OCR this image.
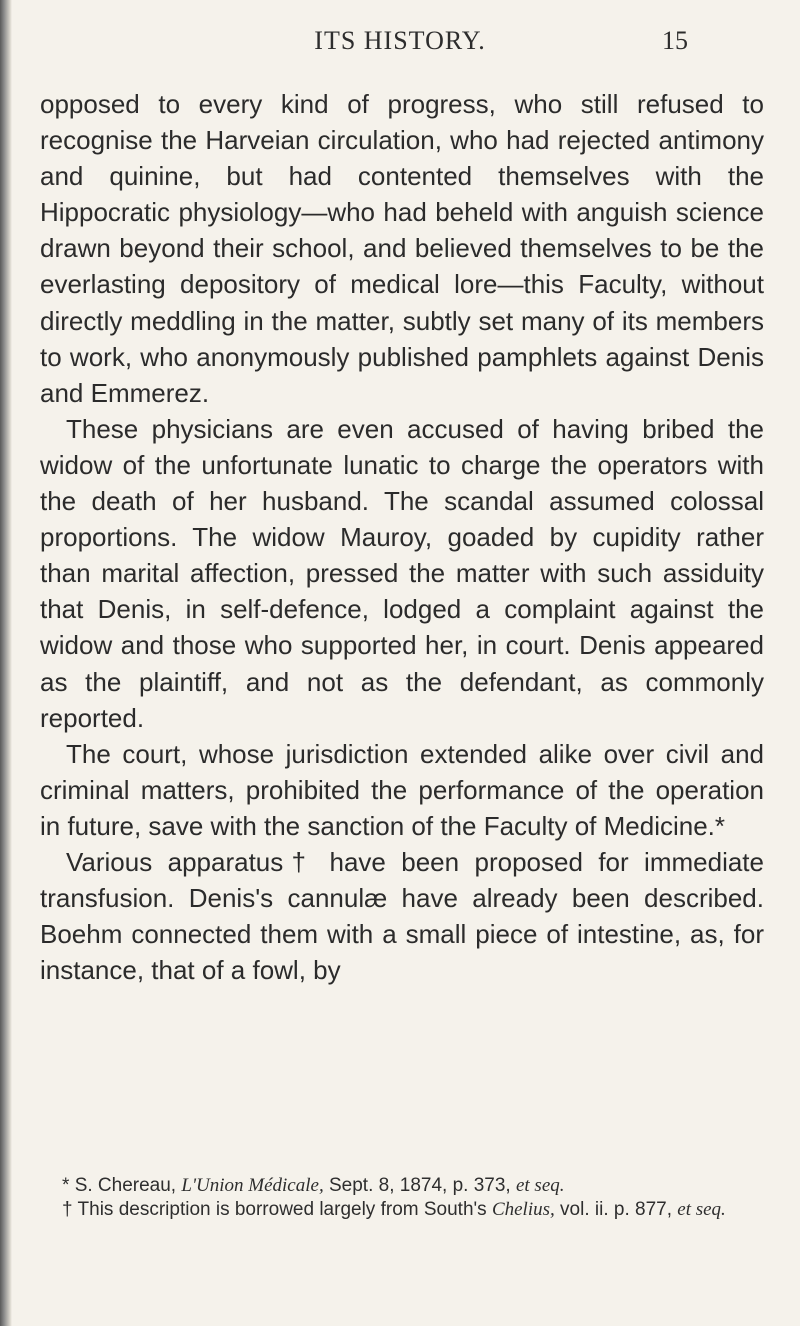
ITS HISTORY.	15

opposed to every kind of progress, who still refused to recognise the Harveian circulation, who had rejected antimony and quinine, but had contented themselves with the Hippocratic physiology—who had beheld with anguish science drawn beyond their school, and believed themselves to be the everlasting depository of medical lore—this Faculty, without directly meddling in the matter, subtly set many of its members to work, who anonymously published pamphlets against Denis and Emmerez.

These physicians are even accused of having bribed the widow of the unfortunate lunatic to charge the operators with the death of her husband. The scandal assumed colossal proportions. The widow Mauroy, goaded by cupidity rather than marital affection, pressed the matter with such assiduity that Denis, in self-defence, lodged a complaint against the widow and those who supported her, in court. Denis appeared as the plaintiff, and not as the defendant, as commonly reported.

The court, whose jurisdiction extended alike over civil and criminal matters, prohibited the performance of the operation in future, save with the sanction of the Faculty of Medicine.*

Various apparatus† have been proposed for immediate transfusion. Denis's cannulæ have already been described. Boehm connected them with a small piece of intestine, as, for instance, that of a fowl, by

* S. Chereau, L'Union Médicale, Sept. 8, 1874, p. 373, et seq.

† This description is borrowed largely from South's Chelius, vol. ii. p. 877, et seq.
